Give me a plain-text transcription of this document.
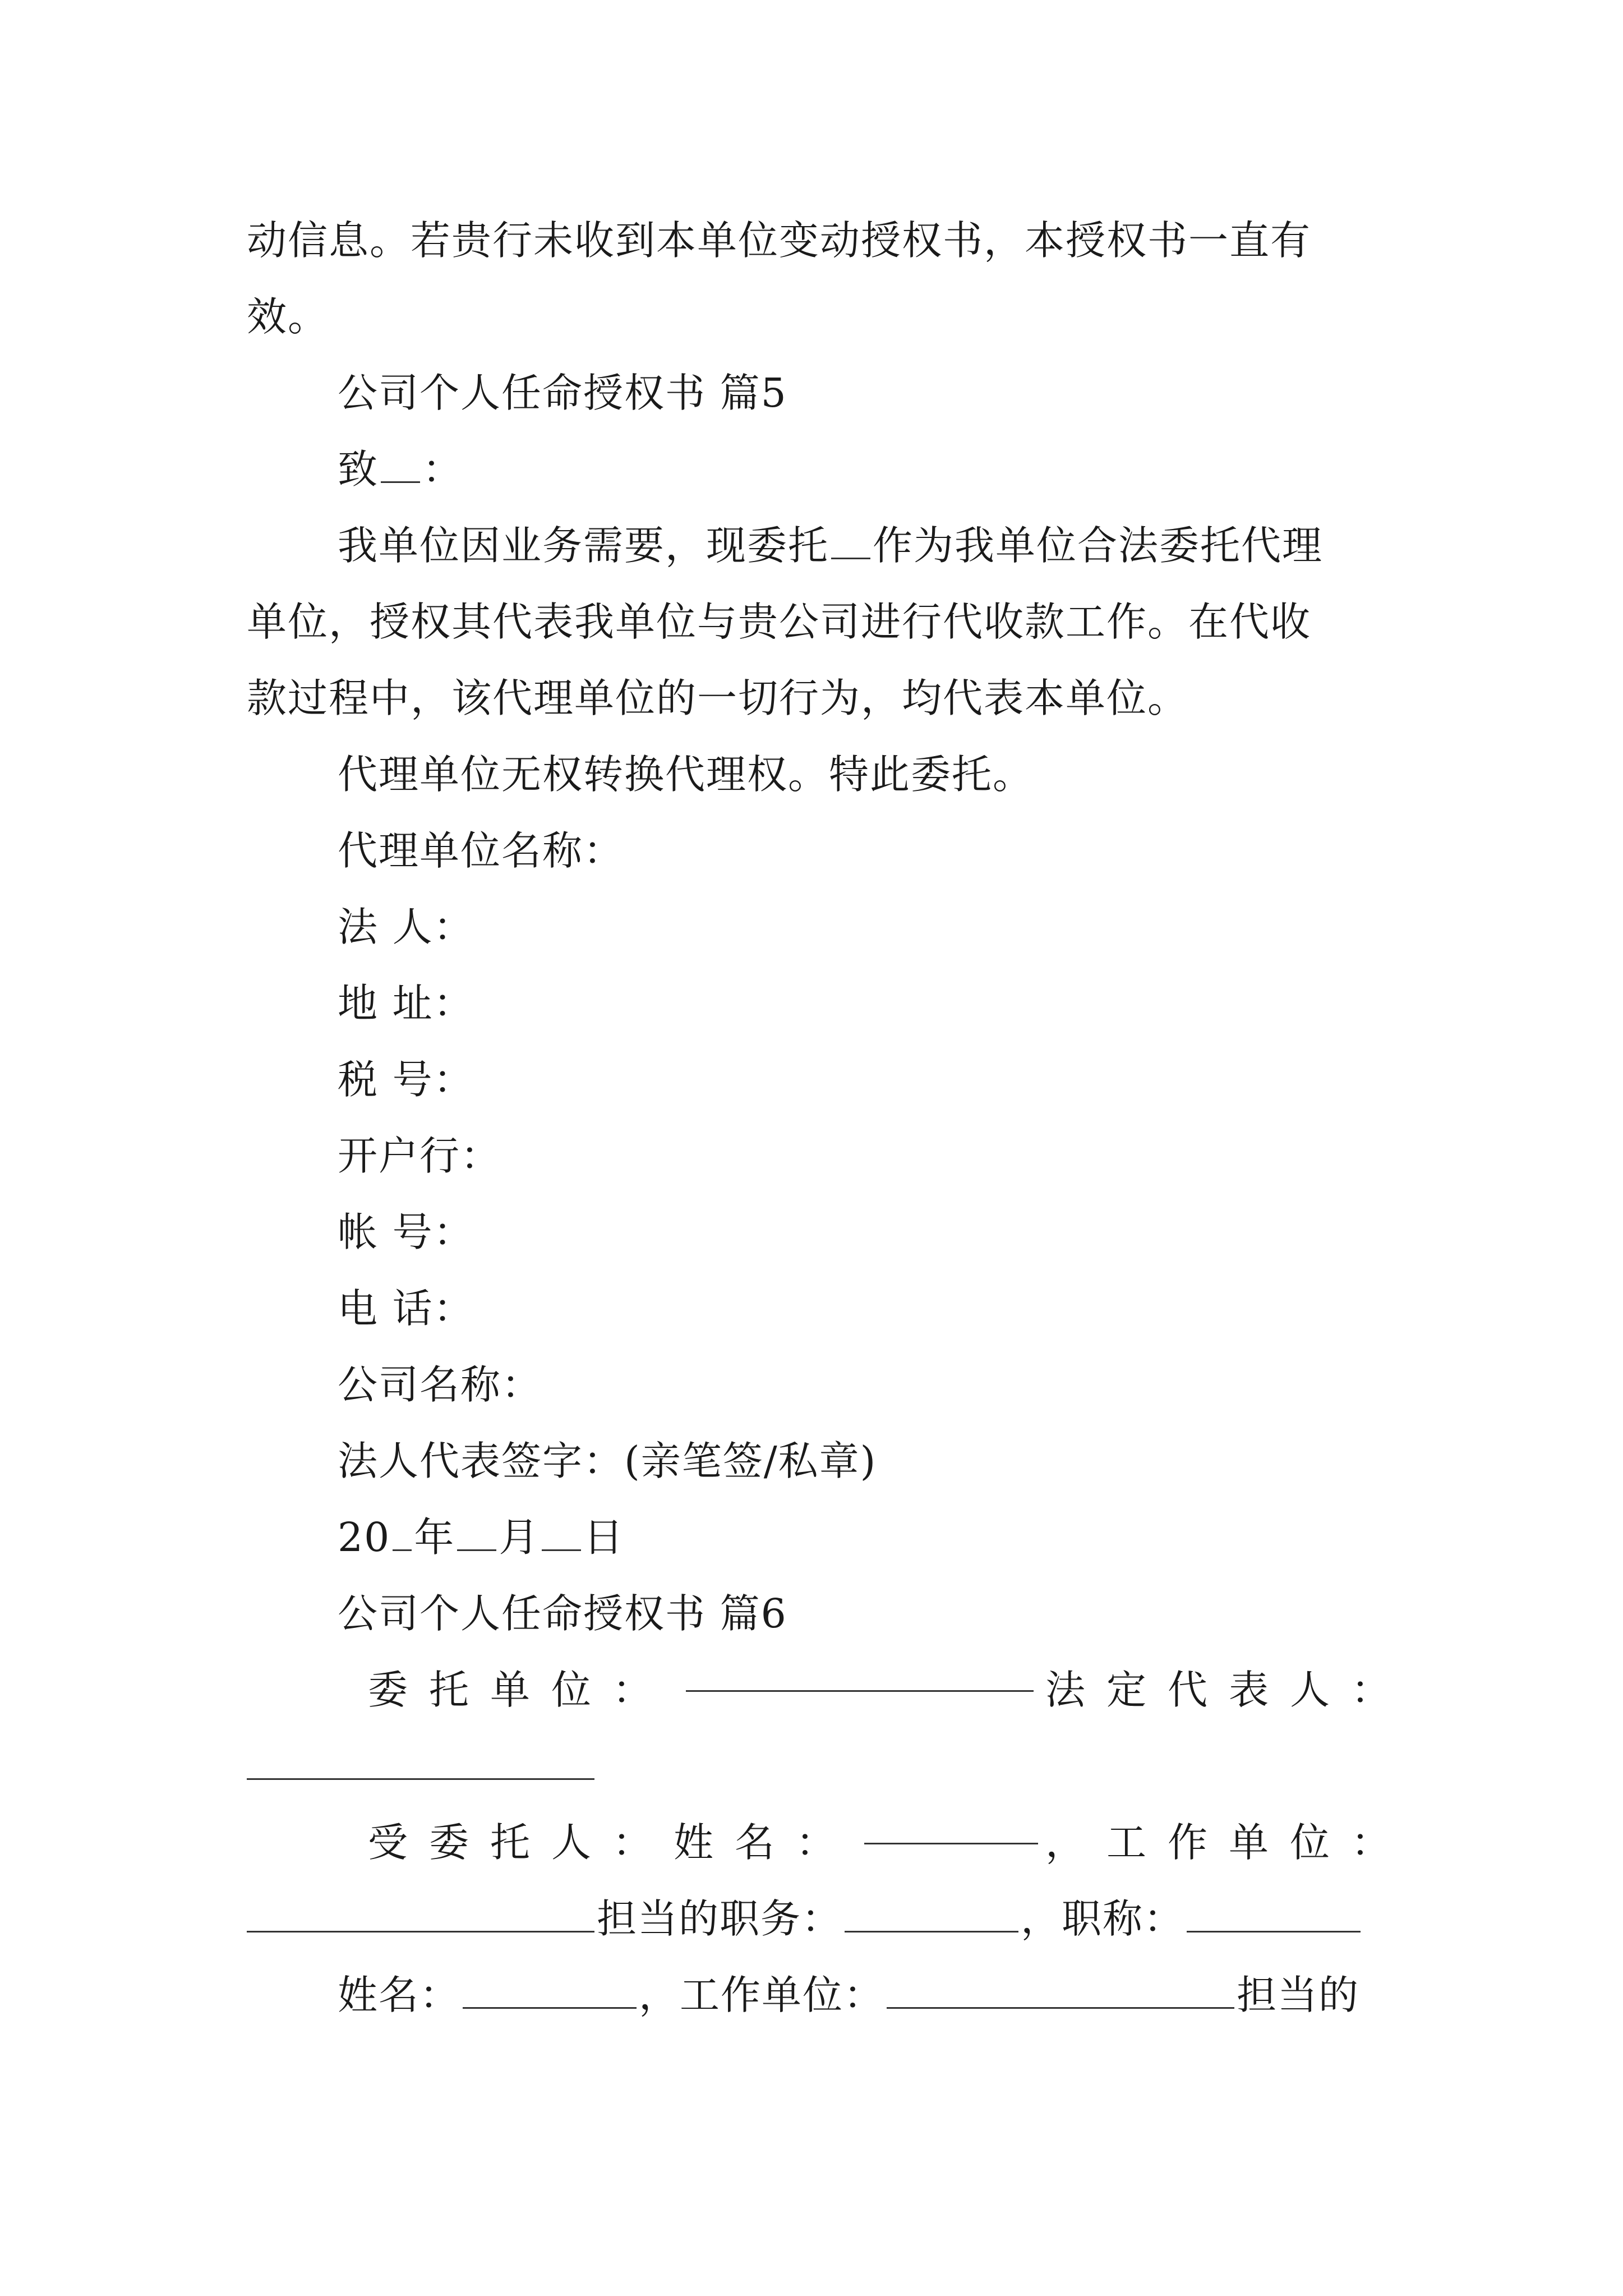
动信息。若贵行未收到本单位变动授权书，本授权书一直有
效。
公司个人任命授权书 篇5
致 ：
我单位因业务需要，现委托 作为我单位合法委托代理
单位，授权其代表我单位与贵公司进行代收款工作。在代收
款过程中，该代理单位的一切行为，均代表本单位。
代理单位无权转换代理权。特此委托。
代理单位名称：
法 人：
地 址：
税 号：
开户行：
帐 号：
电 话：
公司名称：
法人代表签字：(亲笔签/私章)
20 年 月 日
公司个人任命授权书 篇6
委托单位：	法定代表人：
受委托人：姓名：	，工作单位：
担当的职务：	，职称：
姓名：	，工作单位：	担当的
